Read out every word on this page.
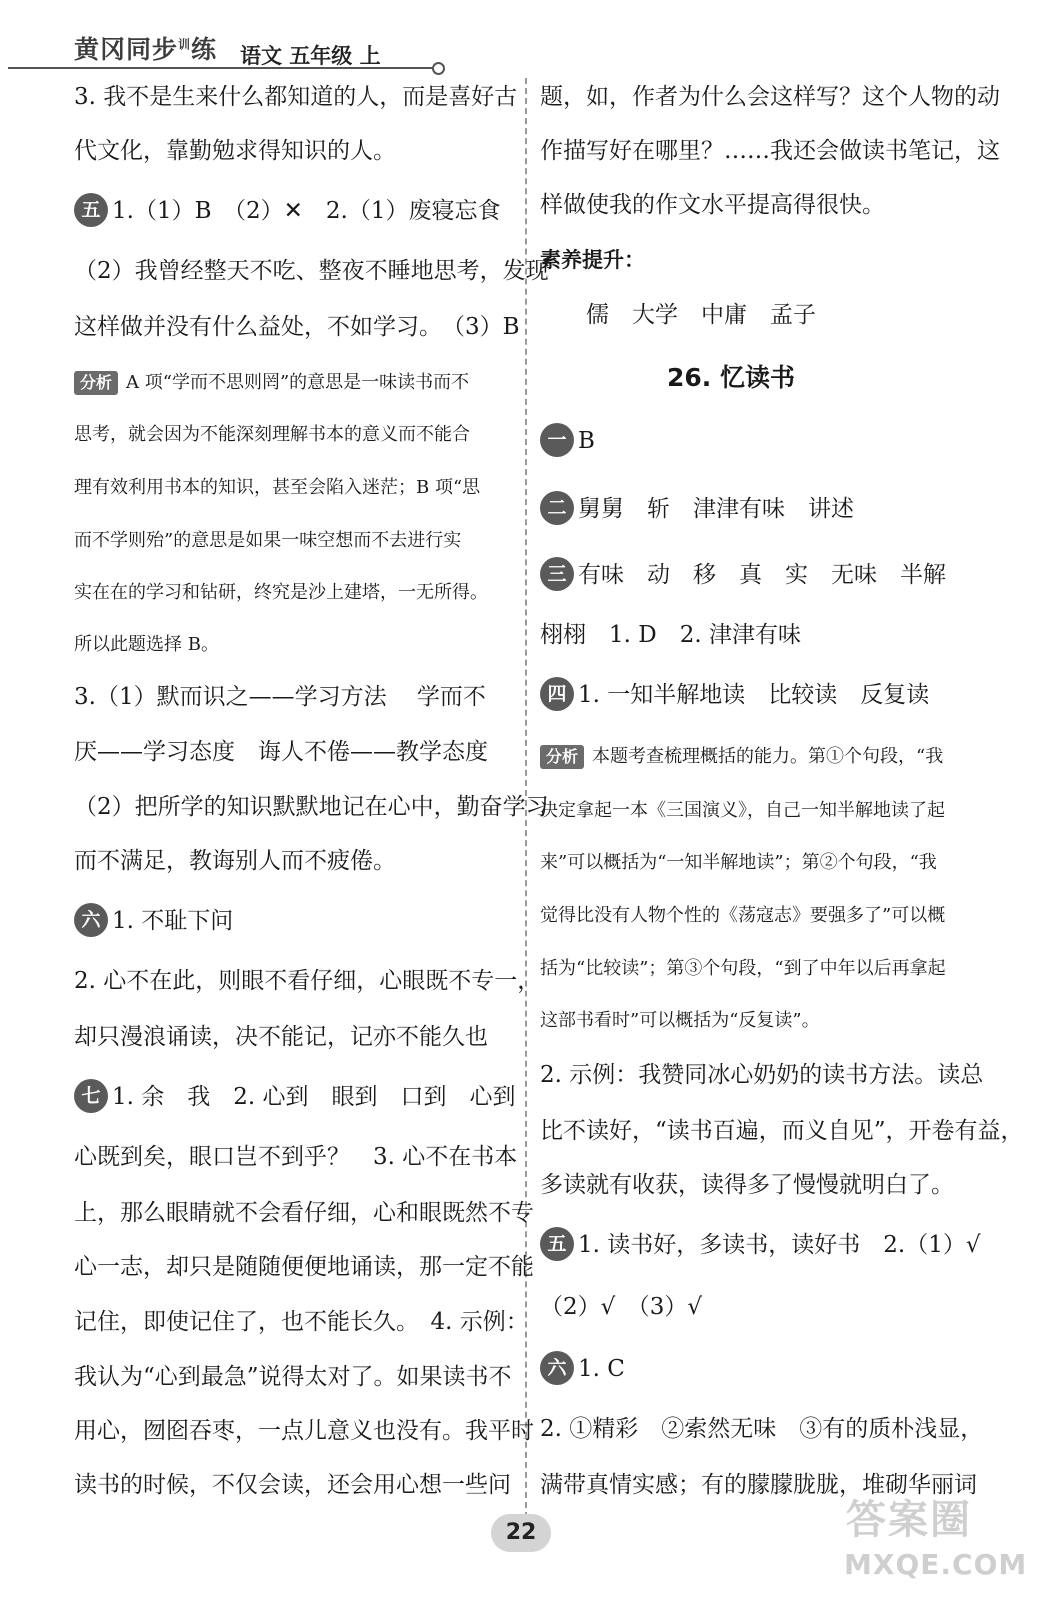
黄冈同步$^训$练 语文 五年级 上
3. 我不是生来什么都知道的人，而是喜好古
代文化，靠勤勉求得知识的人。
五 1.（1）B　（2）✕　2.（1）废寝忘食
（2）我曾经整天不吃、整夜不睡地思考，发现
这样做并没有什么益处，不如学习。　（3）B
分析 A 项“学而不思则罔”的意思是一味读书而不
思考，就会因为不能深刻理解书本的意义而不能合
理有效利用书本的知识，甚至会陷入迷茫；B 项“思
而不学则殆”的意思是如果一味空想而不去进行实
实在在的学习和钻研，终究是沙上建塔，一无所得。
所以此题选择 B。
3.（1）默而识之——学习方法　 学而不
厌——学习态度　诲人不倦——教学态度
（2）把所学的知识默默地记在心中，勤奋学习
而不满足，教诲别人而不疲倦。
六 1. 不耻下问
2. 心不在此，则眼不看仔细，心眼既不专一，
却只漫浪诵读，决不能记，记亦不能久也
七 1. 余　我　2. 心到　眼到　口到　心到
心既到矣，眼口岂不到乎？　3. 心不在书本
上，那么眼睛就不会看仔细，心和眼既然不专
心一志，却只是随随便便地诵读，那一定不能
记住，即使记住了，也不能长久。　4. 示例：
我认为“心到最急”说得太对了。如果读书不
用心，囫囵吞枣，一点儿意义也没有。我平时
读书的时候，不仅会读，还会用心想一些问
题，如，作者为什么会这样写？这个人物的动
作描写好在哪里？……我还会做读书笔记，这
样做使我的作文水平提高得很快。
素养提升：
儒　大学　中庸　孟子
26. 忆读书
一 B
二 舅舅　斩　津津有味　讲述
三 有味　动　移　真　实　无味　半解
栩栩　1. D　2. 津津有味
四 1. 一知半解地读　比较读　反复读
分析 本题考查梳理概括的能力。第①个句段，“我
决定拿起一本《三国演义》，自己一知半解地读了起
来”可以概括为“一知半解地读”；第②个句段，“我
觉得比没有人物个性的《荡寇志》要强多了”可以概
括为“比较读”；第③个句段，“到了中年以后再拿起
这部书看时”可以概括为“反复读”。
2. 示例：我赞同冰心奶奶的读书方法。读总
比不读好，“读书百遍，而义自见”，开卷有益，
多读就有收获，读得多了慢慢就明白了。
五 1. 读书好，多读书，读好书　2.（1）√
（2）√　（3）√
六 1. C
2. ①精彩　②索然无味　③有的质朴浅显，
满带真情实感；有的朦朦胧胧，堆砌华丽词
22	答案圈
MXQE.COM
